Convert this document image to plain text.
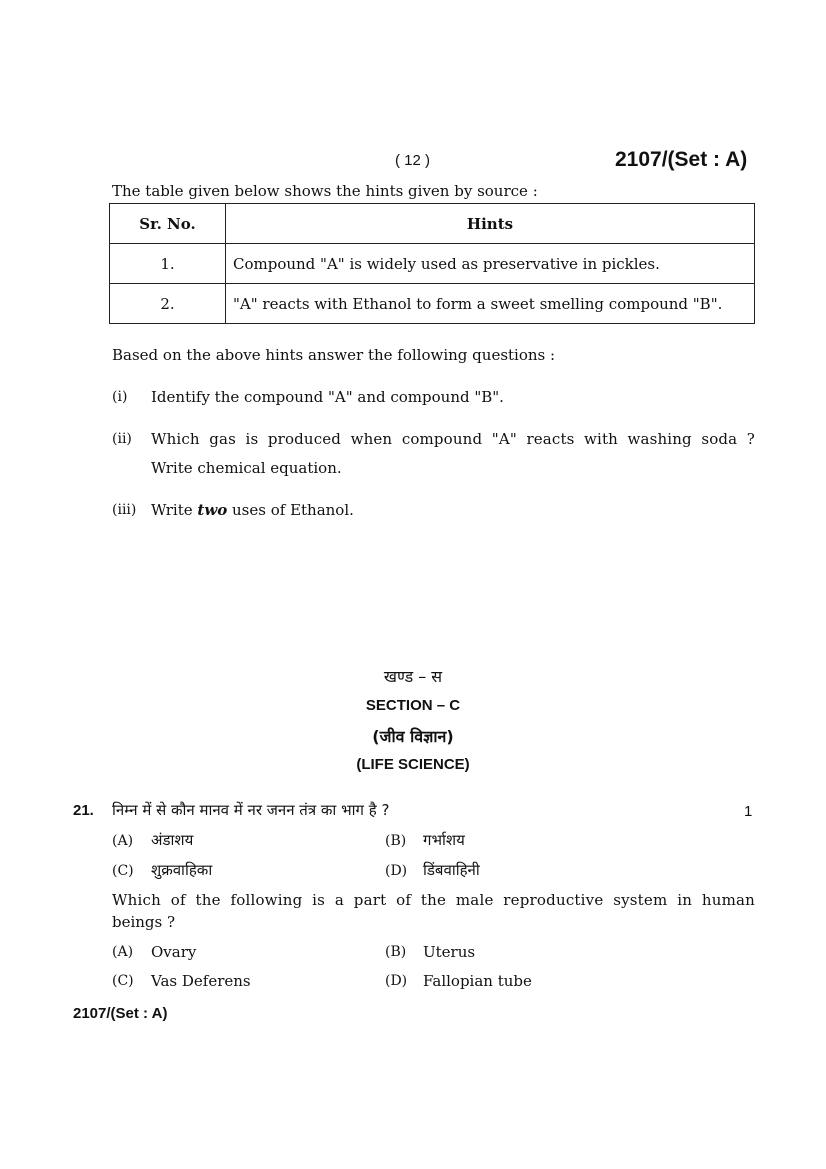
( 12 )	2107/(Set : A)
The table given below shows the hints given by source :
Sr. No.	Hints
1.	Compound "A" is widely used as preservative in pickles.
2.	"A" reacts with Ethanol to form a sweet smelling compound "B".
Based on the above hints answer the following questions :
(i) Identify the compound "A" and compound "B".
(ii) Which gas is produced when compound "A" reacts with washing soda ?
Write chemical equation.
(iii) Write two uses of Ethanol.
खण्ड – स
SECTION – C
(जीव विज्ञान)
(LIFE SCIENCE)
21. निम्न में से कौन मानव में नर जनन तंत्र का भाग है ?	1
(A) अंडाशय	(B) गर्भाशय
(C) शुक्रवाहिका	(D) डिंबवाहिनी
Which of the following is a part of the male reproductive system in human
beings ?
(A) Ovary	(B) Uterus
(C) Vas Deferens	(D) Fallopian tube
2107/(Set : A)
